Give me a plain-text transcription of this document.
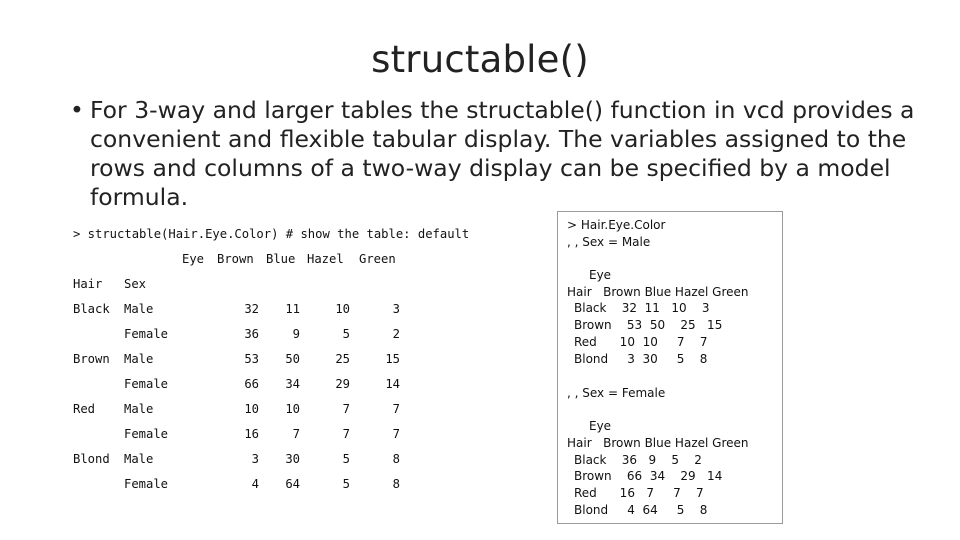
structable()
• For 3-way and larger tables the structable() function in vcd provides a convenient and flexible tabular display. The variables assigned to the rows and columns of a two-way display can be specified by a model formula.
> structable(Hair.Eye.Color) # show the table: default
Eye Brown Blue Hazel Green
Hair Sex
Black Male	32	11	10	3
Female	36	9	5	2
Brown Male	53	50	25	15
Female	66	34	29	14
Red Male	10	10	7	7
Female	16	7	7	7
Blond Male	3	30	5	8
Female	4	64	5	8
> Hair.Eye.Color
, , Sex = Male
Eye
Hair   Brown Blue Hazel Green
Black    32  11   10    3
Brown    53  50    25   15
Red      10  10     7    7
Blond     3  30     5    8
, , Sex = Female
Eye
Hair   Brown Blue Hazel Green
Black    36   9    5    2
Brown    66  34    29   14
Red      16   7     7    7
Blond     4  64     5    8
